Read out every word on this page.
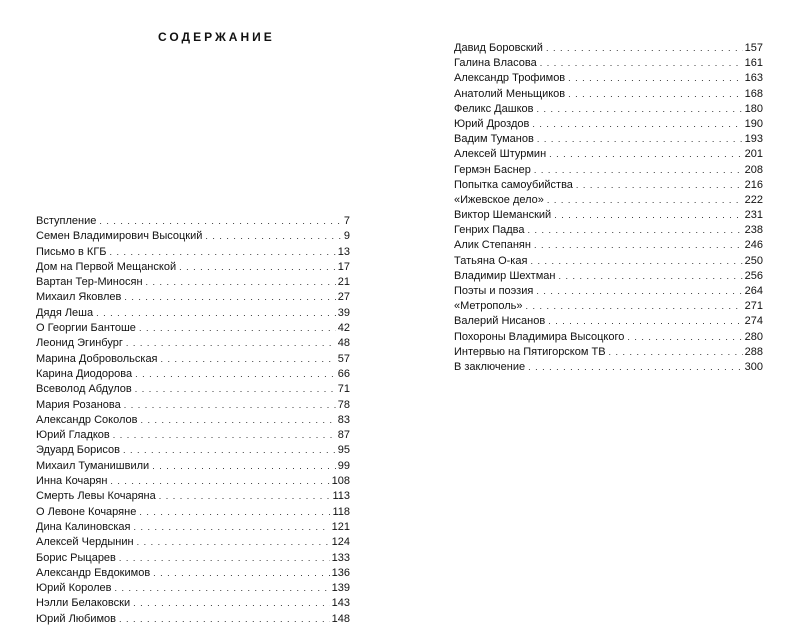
СОДЕРЖАНИЕ
Вступление . . .	7
Семен Владимирович Высоцкий . . .	9
Письмо в КГБ . . .	13
Дом на Первой Мещанской . . .	17
Вартан Тер-Миносян . . .	21
Михаил Яковлев . . .	27
Дядя Леша . . .	39
О Георгии Бантоше . . .	42
Леонид Эгинбург . . .	48
Марина Добровольская . . .	57
Карина Диодорова . . .	66
Всеволод Абдулов . . .	71
Мария Розанова . . .	78
Александр Соколов . . .	83
Юрий Гладков . . .	87
Эдуард Борисов . . .	95
Михаил Туманишвили . . .	99
Инна Кочарян . . .	108
Смерть Левы Кочаряна . . .	113
О Левоне Кочаряне . . .	118
Дина Калиновская . . .	121
Алексей Чердынин . . .	124
Борис Рыцарев . . .	133
Александр Евдокимов . . .	136
Юрий Королев . . .	139
Нэлли Белаковски . . .	143
Юрий Любимов . . .	148
Давид Боровский . . .	157
Галина Власова . . .	161
Александр Трофимов . . .	163
Анатолий Меньщиков . . .	168
Феликс Дашков . . .	180
Юрий Дроздов . . .	190
Вадим Туманов . . .	193
Алексей Штурмин . . .	201
Гермэн Баснер . . .	208
Попытка самоубийства . . .	216
«Ижевское дело» . . .	222
Виктор Шеманский . . .	231
Генрих Падва . . .	238
Алик Степанян . . .	246
Татьяна О-кая . . .	250
Владимир Шехтман . . .	256
Поэты и поэзия . . .	264
«Метрополь» . . .	271
Валерий Нисанов . . .	274
Похороны Владимира Высоцкого . . .	280
Интервью на Пятигорском ТВ . . .	288
В заключение . . .	300
